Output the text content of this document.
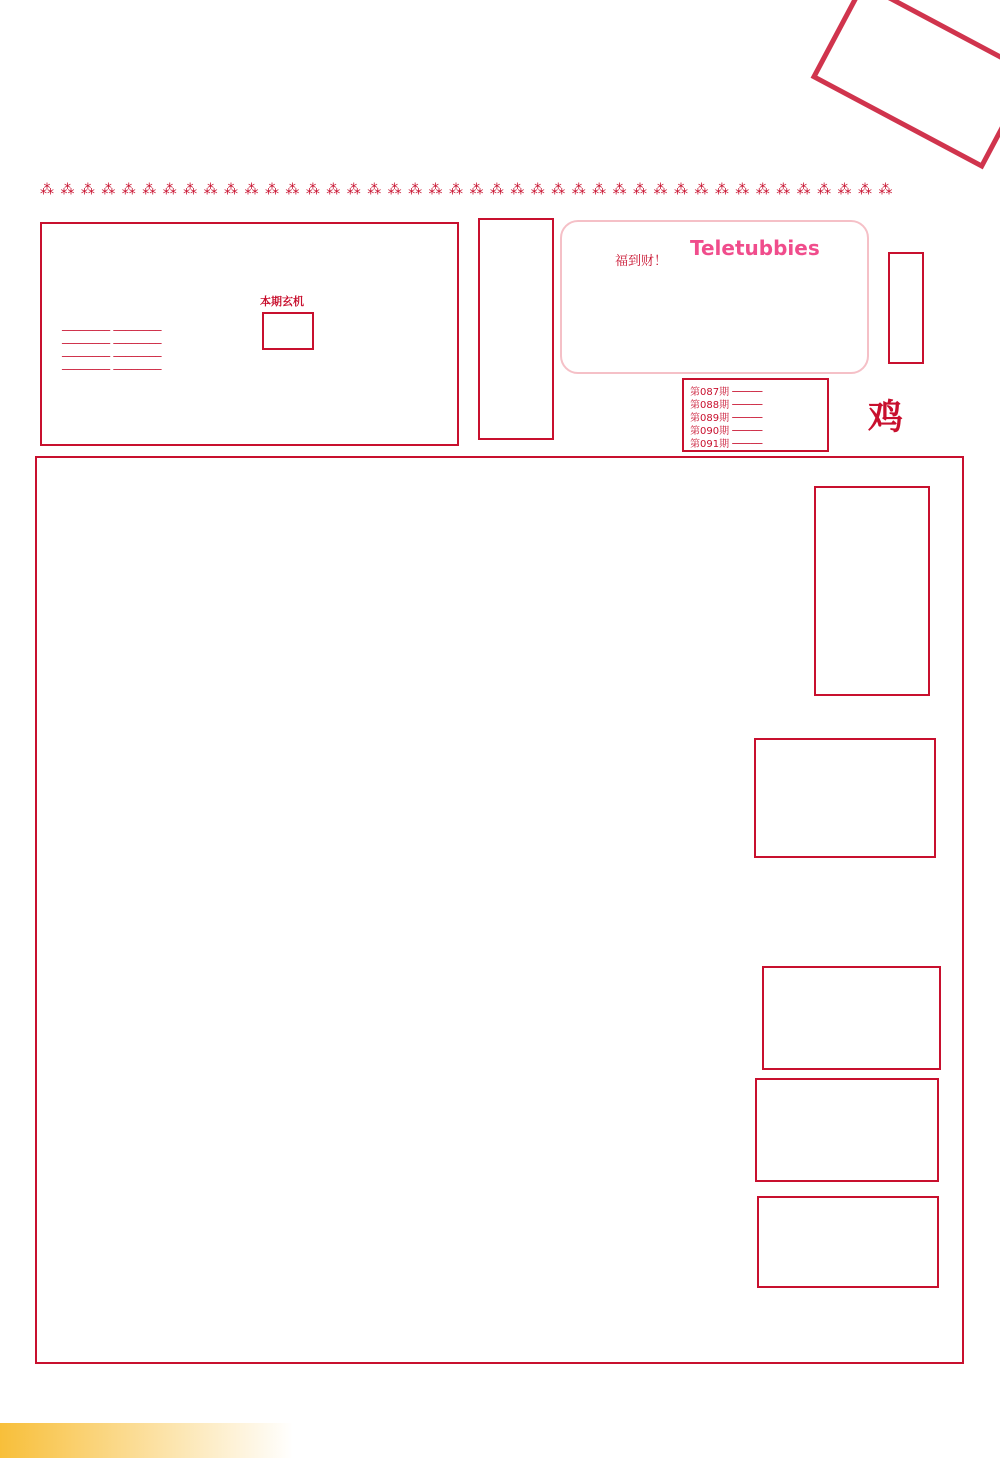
⁂ ⁂ ⁂ ⁂ ⁂ ⁂ ⁂ ⁂ ⁂ ⁂ ⁂ ⁂ ⁂ ⁂ ⁂ ⁂ ⁂ ⁂ ⁂ ⁂ ⁂ ⁂ ⁂ ⁂ ⁂ ⁂ ⁂ ⁂ ⁂ ⁂ ⁂ ⁂ ⁂ ⁂ ⁂ ⁂ ⁂ ⁂ ⁂ ⁂ ⁂ ⁂
──────── ────────
──────── ────────
──────── ────────
──────── ────────
本期玄机
福到财！
Teletubbies
第087期 ─────
第088期 ─────
第089期 ─────
第090期 ─────
第091期 ─────
鸡
